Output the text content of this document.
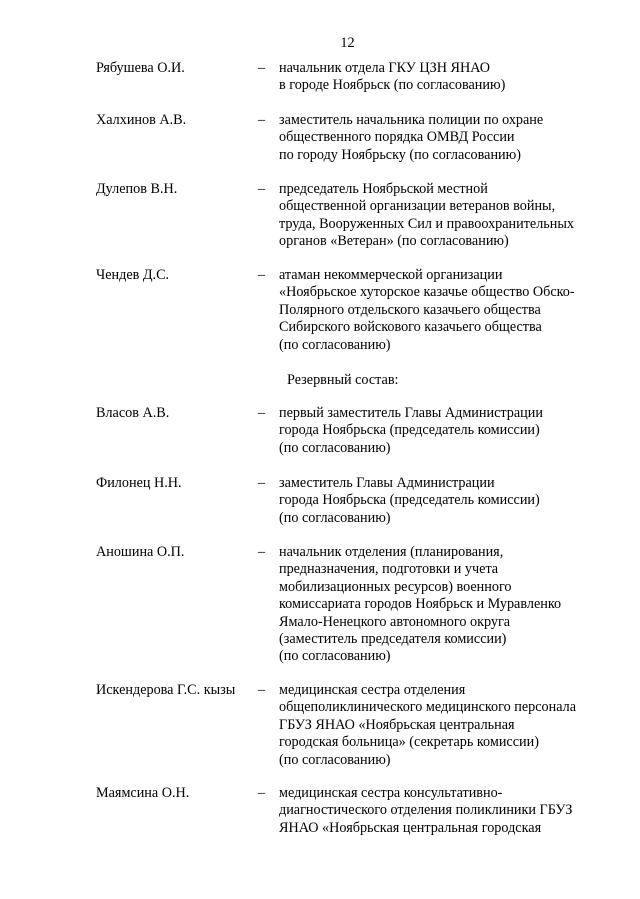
12
Рябушева О.И.	– начальник отдела ГКУ ЦЗН ЯНАО
в городе Ноябрьск (по согласованию)
Халхинов А.В.	– заместитель начальника полиции по охране
общественного порядка ОМВД России
по городу Ноябрьску (по согласованию)
Дулепов В.Н.	– председатель Ноябрьской местной
общественной организации ветеранов войны,
труда, Вооруженных Сил и правоохранительных
органов «Ветеран» (по согласованию)
Чендев Д.С.	– атаман некоммерческой организации
«Ноябрьское хуторское казачье общество Обско-
Полярного отдельского казачьего общества
Сибирского войскового казачьего общества
(по согласованию)
Резервный состав:
Власов А.В.	– первый заместитель Главы Администрации
города Ноябрьска (председатель комиссии)
(по согласованию)
Филонец Н.Н.	– заместитель Главы Администрации
города Ноябрьска (председатель комиссии)
(по согласованию)
Аношина О.П.	– начальник отделения (планирования,
предназначения, подготовки и учета
мобилизационных ресурсов) военного
комиссариата городов Ноябрьск и Муравленко
Ямало-Ненецкого автономного округа
(заместитель председателя комиссии)
(по согласованию)
Искендерова Г.С. кызы – медицинская сестра отделения
общеполиклинического медицинского персонала
ГБУЗ ЯНАО «Ноябрьская центральная
городская больница» (секретарь комиссии)
(по согласованию)
Маямсина О.Н.	– медицинская сестра консультативно-
диагностического отделения поликлиники ГБУЗ
ЯНАО «Ноябрьская центральная городская
